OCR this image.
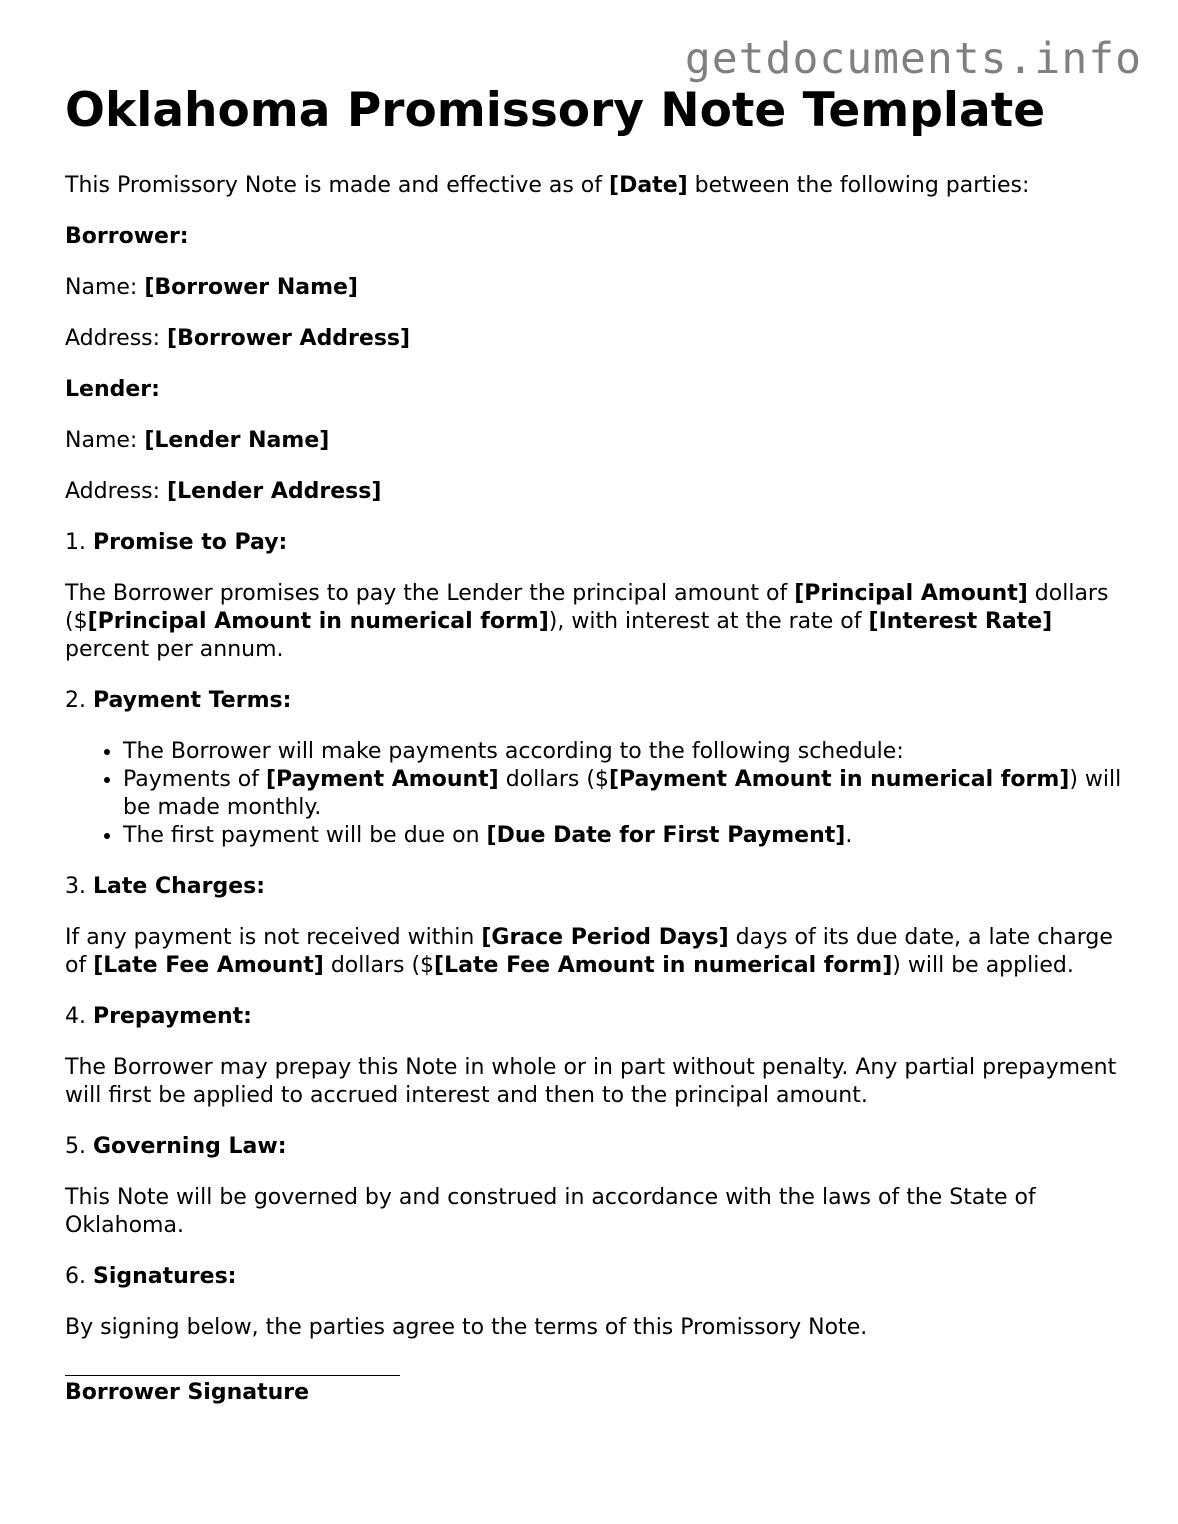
getdocuments.info
Oklahoma Promissory Note Template

This Promissory Note is made and effective as of [Date] between the following parties:

Borrower:

Name: [Borrower Name]

Address: [Borrower Address]

Lender:

Name: [Lender Name]

Address: [Lender Address]

1. Promise to Pay:

The Borrower promises to pay the Lender the principal amount of [Principal Amount] dollars ($[Principal Amount in numerical form]), with interest at the rate of [Interest Rate] percent per annum.

2. Payment Terms:

• The Borrower will make payments according to the following schedule:
• Payments of [Payment Amount] dollars ($[Payment Amount in numerical form]) will be made monthly.
• The first payment will be due on [Due Date for First Payment].

3. Late Charges:

If any payment is not received within [Grace Period Days] days of its due date, a late charge of [Late Fee Amount] dollars ($[Late Fee Amount in numerical form]) will be applied.

4. Prepayment:

The Borrower may prepay this Note in whole or in part without penalty. Any partial prepayment will first be applied to accrued interest and then to the principal amount.

5. Governing Law:

This Note will be governed by and construed in accordance with the laws of the State of Oklahoma.

6. Signatures:

By signing below, the parties agree to the terms of this Promissory Note.

Borrower Signature
